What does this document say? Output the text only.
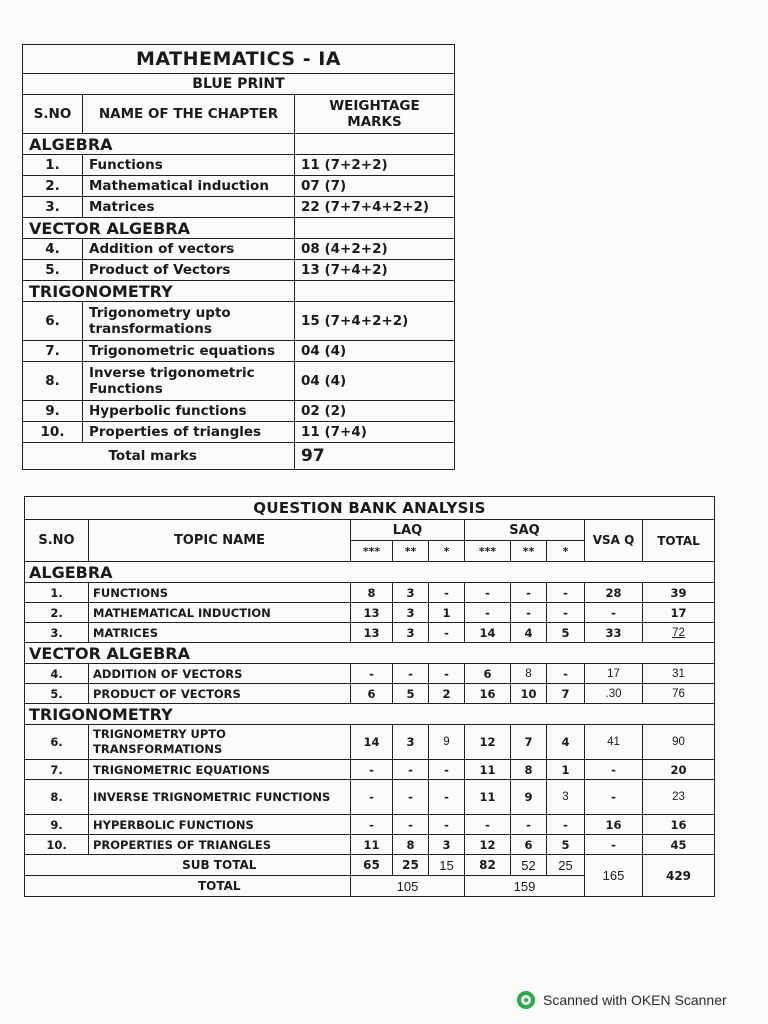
MATHEMATICS - IA		
BLUE PRINT		
S.NO	NAME OF THE CHAPTER	WEIGHTAGE MARKS
ALGEBRA		
1.	Functions	11 (7+2+2)
2.	Mathematical induction	07 (7)
3.	Matrices	22 (7+7+4+2+2)
VECTOR ALGEBRA		
4.	Addition of vectors	08 (4+2+2)
5.	Product of Vectors	13 (7+4+2)
TRIGONOMETRY		
6.	Trigonometry upto transformations	15 (7+4+2+2)
7.	Trigonometric equations	04 (4)
8.	Inverse trigonometric Functions	04 (4)
9.	Hyperbolic functions	02 (2)
10.	Properties of triangles	11 (7+4)
	Total marks	97
QUESTION BANK ANALYSIS									
S.NO	TOPIC NAME	LAQ			SAQ			VSA Q	TOTAL
		***	**	*	***	**	*		
ALGEBRA									
1.	FUNCTIONS	8	3	-	-	-	-	28	39
2.	MATHEMATICAL INDUCTION	13	3	1	-	-	-	-	17
3.	MATRICES	13	3	-	14	4	5	33	72
VECTOR ALGEBRA									
4.	ADDITION OF VECTORS	-	-	-	6	8	-	17	31
5.	PRODUCT OF VECTORS	6	5	2	16	10	7	.30	76
TRIGONOMETRY									
6.	TRIGNOMETRY UPTO TRANSFORMATIONS	14	3	9	12	7	4	41	90
7.	TRIGNOMETRIC EQUATIONS	-	-	-	11	8	1	-	20
8.	INVERSE TRIGNOMETRIC FUNCTIONS	-	-	-	11	9	3	-	23
9.	HYPERBOLIC FUNCTIONS	-	-	-	-	-	-	16	16
10.	PROPERTIES OF TRIANGLES	11	8	3	12	6	5	-	45
	SUB TOTAL	65	25	15	82	52	25	165	429
	TOTAL	105			159				
Scanned with OKEN Scanner
